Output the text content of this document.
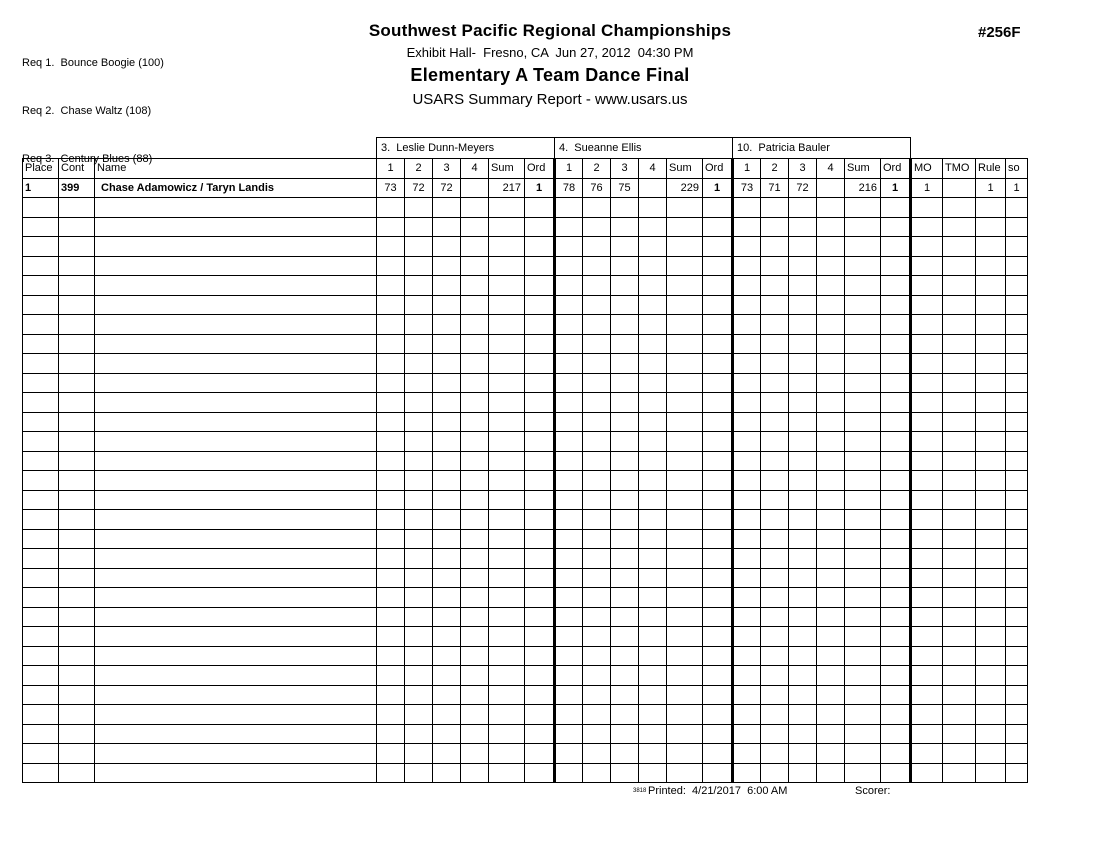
Req 1.  Bounce Boogie (100)

Req 2.  Chase Waltz (108)

Req 3.  Century Blues (88)

Southwest Pacific Regional Championships
Exhibit Hall-  Fresno, CA  Jun 27, 2012  04:30 PM
Elementary A Team Dance Final
USARS Summary Report - www.usars.us
#256F
			3.  Leslie Dunn-Meyers						4.  Sueanne Ellis						10.  Patricia Bauler									
Place	Cont	Name	1	2	3	4	Sum	Ord	1	2	3	4	Sum	Ord	1	2	3	4	Sum	Ord	MO	TMO	Rule	so
1	399	Chase Adamowicz / Taryn Landis	73	72	72		217	1	78	76	75		229	1	73	71	72		216	1	1		1	1

3818 Printed:  4/21/2017  6:00 AM	Scorer:
